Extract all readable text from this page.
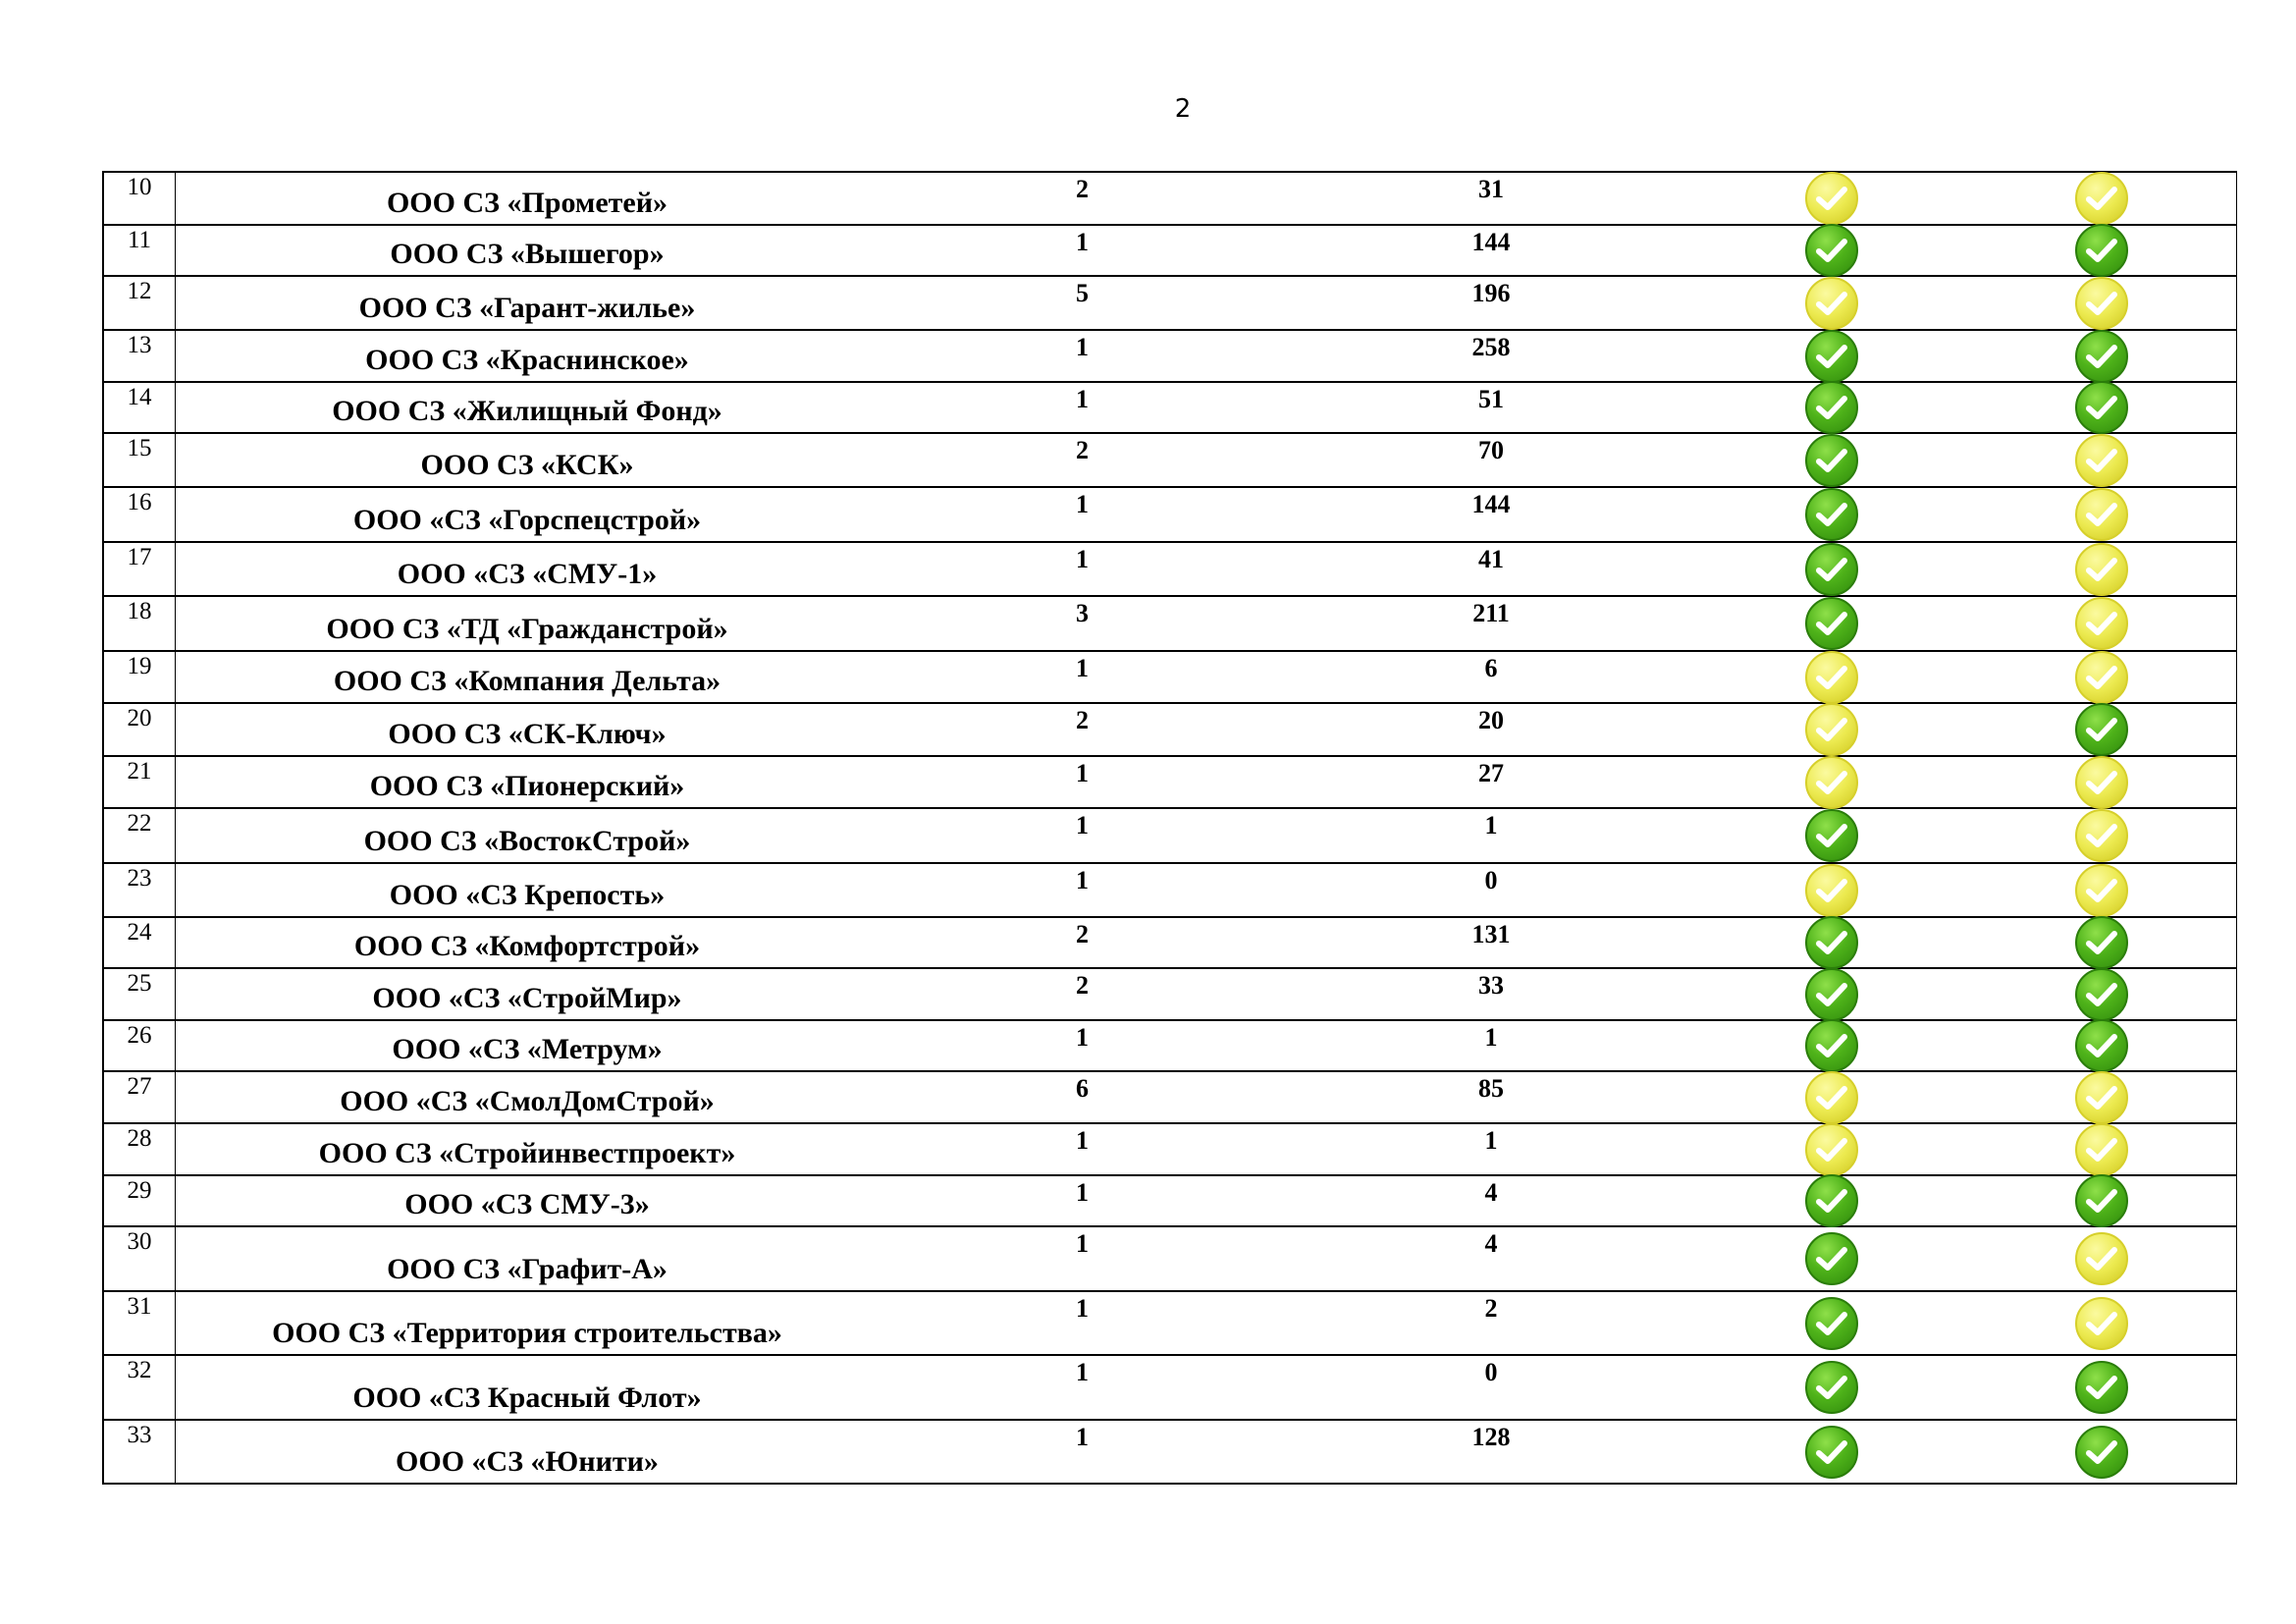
2
10	ООО СЗ «Прометей»	2	31	

11	ООО СЗ «Вышегор»	1	144	

12	ООО СЗ «Гарант-жилье»	5	196	

13	ООО СЗ «Краснинское»	1	258	

14	ООО СЗ «Жилищный Фонд»	1	51	

15	ООО СЗ «КСК»	2	70	

16	ООО «СЗ «Горспецстрой»	1	144	

17	ООО «СЗ «СМУ-1»	1	41	

18	ООО СЗ «ТД «Гражданстрой»	3	211	

19	ООО СЗ «Компания Дельта»	1	6	

20	ООО СЗ «СК-Ключ»	2	20	

21	ООО СЗ «Пионерский»	1	27	

22	ООО СЗ «ВостокСтрой»	1	1	

23	ООО «СЗ Крепость»	1	0	

24	ООО СЗ «Комфортстрой»	2	131	

25	ООО «СЗ «СтройМир»	2	33	

26	ООО «СЗ «Метрум»	1	1	

27	ООО «СЗ «СмолДомСтрой»	6	85	

28	ООО СЗ «Стройинвестпроект»	1	1	

29	ООО «СЗ СМУ-3»	1	4	

30	ООО СЗ «Графит-А»	1	4	

31	ООО СЗ «Территория строительства»	1	2	

32	ООО «СЗ Красный Флот»	1	0	

33	ООО «СЗ «Юнити»	1	128	
